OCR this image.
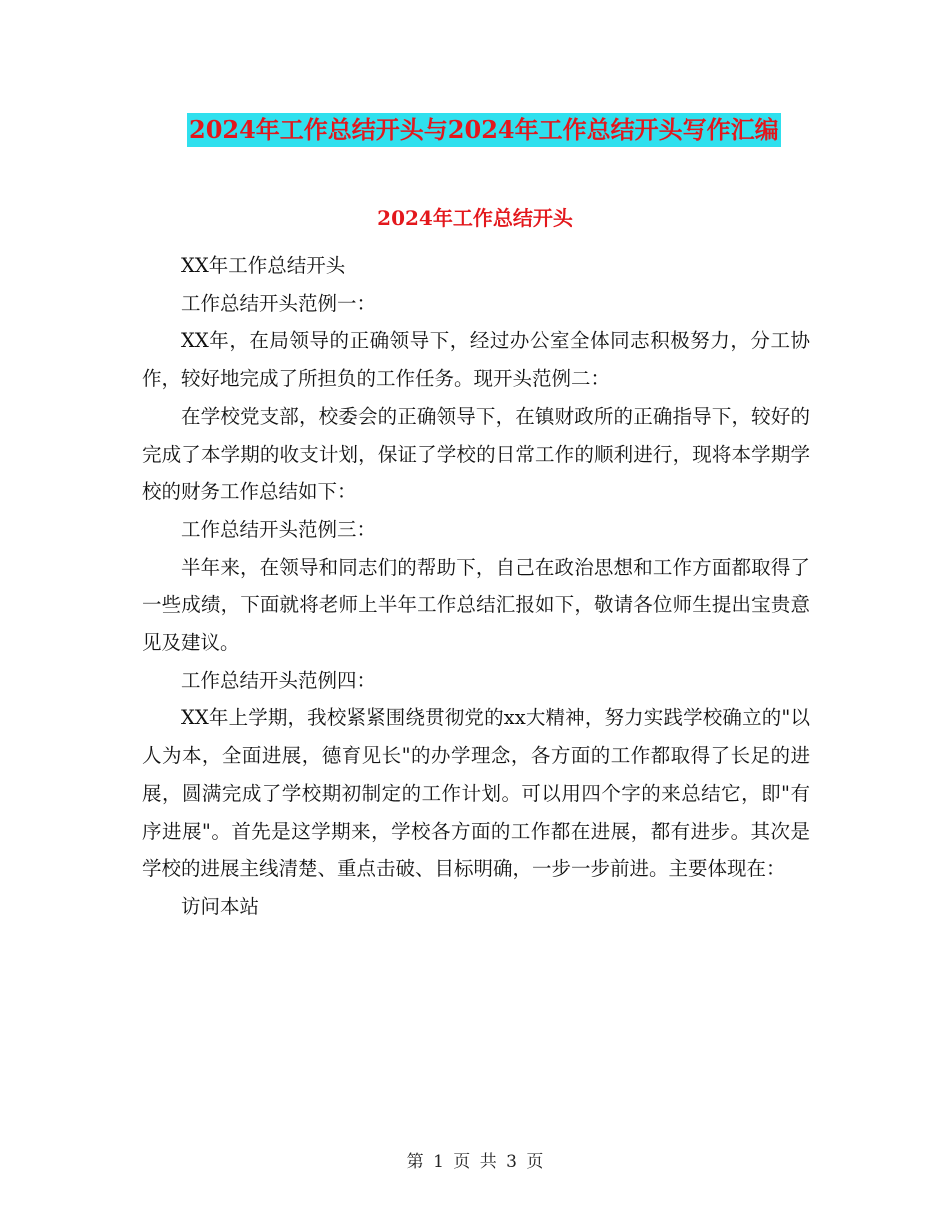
2024年工作总结开头与2024年工作总结开头写作汇编
2024年工作总结开头

XX年工作总结开头

工作总结开头范例一：

XX年，在局领导的正确领导下，经过办公室全体同志积极努力，分工协作，较好地完成了所担负的工作任务。现开头范例二：

在学校党支部，校委会的正确领导下，在镇财政所的正确指导下，较好的完成了本学期的收支计划，保证了学校的日常工作的顺利进行，现将本学期学校的财务工作总结如下：

工作总结开头范例三：

半年来，在领导和同志们的帮助下，自己在政治思想和工作方面都取得了一些成绩，下面就将老师上半年工作总结汇报如下，敬请各位师生提出宝贵意见及建议。

工作总结开头范例四：

XX年上学期，我校紧紧围绕贯彻党的xx大精神，努力实践学校确立的"以人为本，全面进展，德育见长"的办学理念，各方面的工作都取得了长足的进展，圆满完成了学校期初制定的工作计划。可以用四个字的来总结它，即"有序进展"。首先是这学期来，学校各方面的工作都在进展，都有进步。其次是学校的进展主线清楚、重点击破、目标明确，一步一步前进。主要体现在：

访问本站

第 1 页 共 3 页
